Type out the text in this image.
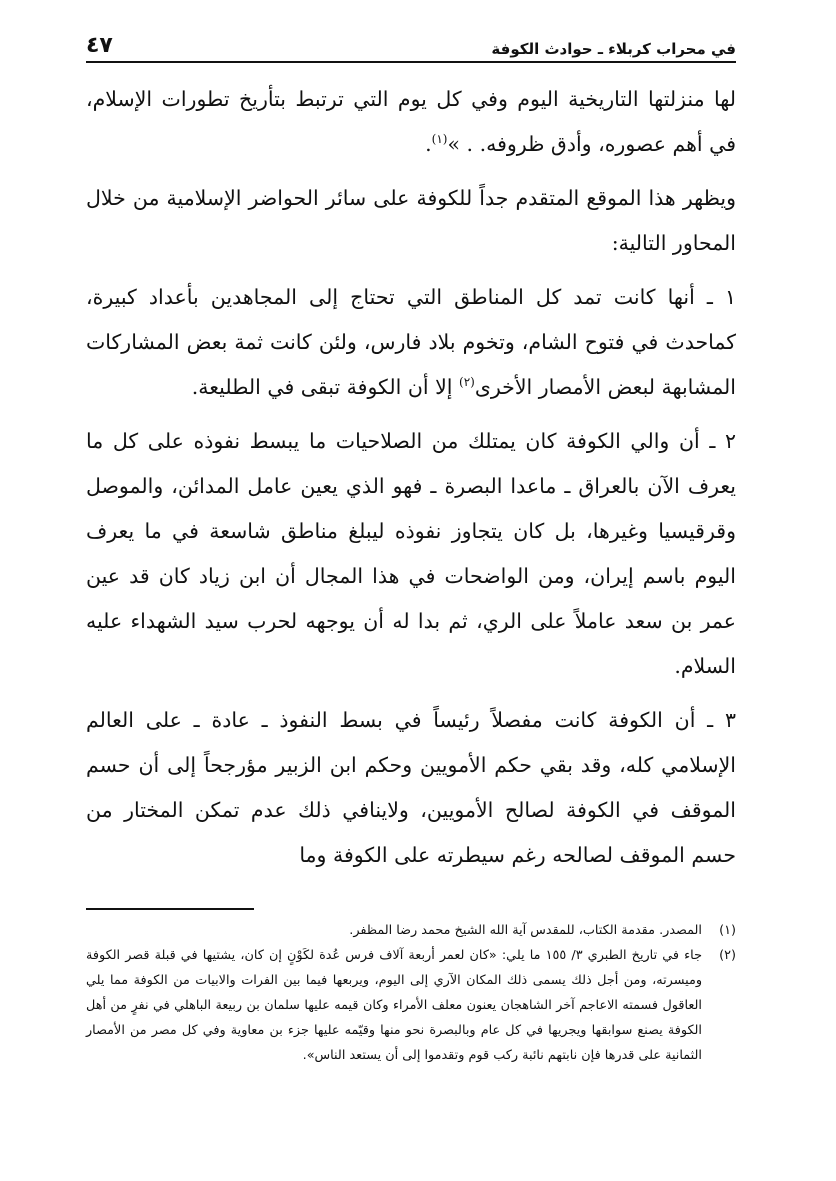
في محراب كربلاء ـ حوادث الكوفة
٤٧

لها منزلتها التاريخية اليوم وفي كل يوم التي ترتبط بتأريخ تطورات الإسلام، في أهم عصوره، وأدق ظروفه. . »$^{(١)}$.

ويظهر هذا الموقع المتقدم جداً للكوفة على سائر الحواضر الإسلامية من خلال المحاور التالية:

١ ـ أنها كانت تمد كل المناطق التي تحتاج إلى المجاهدين بأعداد كبيرة، كماحدث في فتوح الشام، وتخوم بلاد فارس، ولئن كانت ثمة بعض المشاركات المشابهة لبعض الأمصار الأخرى$^{(٢)}$ إلا أن الكوفة تبقى في الطليعة.

٢ ـ أن والي الكوفة كان يمتلك من الصلاحيات ما يبسط نفوذه على كل ما يعرف الآن بالعراق ـ ماعدا البصرة ـ فهو الذي يعين عامل المدائن، والموصل وقرقيسيا وغيرها، بل كان يتجاوز نفوذه ليبلغ مناطق شاسعة في ما يعرف اليوم باسم إيران، ومن الواضحات في هذا المجال أن ابن زياد كان قد عين عمر بن سعد عاملاً على الري، ثم بدا له أن يوجهه لحرب سيد الشهداء عليه السلام.

٣ ـ أن الكوفة كانت مفصلاً رئيساً في بسط النفوذ ـ عادة ـ على العالم الإسلامي كله، وقد بقي حكم الأمويين وحكم ابن الزبير مؤرجحاً إلى أن حسم الموقف في الكوفة لصالح الأمويين، ولاينافي ذلك عدم تمكن المختار من حسم الموقف لصالحه رغم سيطرته على الكوفة وما

(١)
المصدر. مقدمة الكتاب، للمقدس آية الله الشيخ محمد رضا المظفر.
(٢)
جاء في تاريخ الطبري ٣/ ١٥٥ ما يلي: «كان لعمر أربعة آلاف فرس عُدة لكَوْنٍ إن كان، يشتيها في قبلة قصر الكوفة وميسرته، ومن أجل ذلك يسمى ذلك المكان الآري إلى اليوم، ويربعها فيما بين الفرات والابيات من الكوفة مما يلي العاقول فسمته الاعاجم آخر الشاهجان يعنون معلف الأمراء وكان قيمه عليها سلمان بن ربيعة الباهلي في نفرٍ من أهل الكوفة يصنع سوابقها ويجريها في كل عام وبالبصرة نحو منها وقيّمه عليها جزء بن معاوية وفي كل مصر من الأمصار الثمانية على قدرها فإن نابتهم نائبة ركب قوم وتقدموا إلى أن يستعد الناس».
